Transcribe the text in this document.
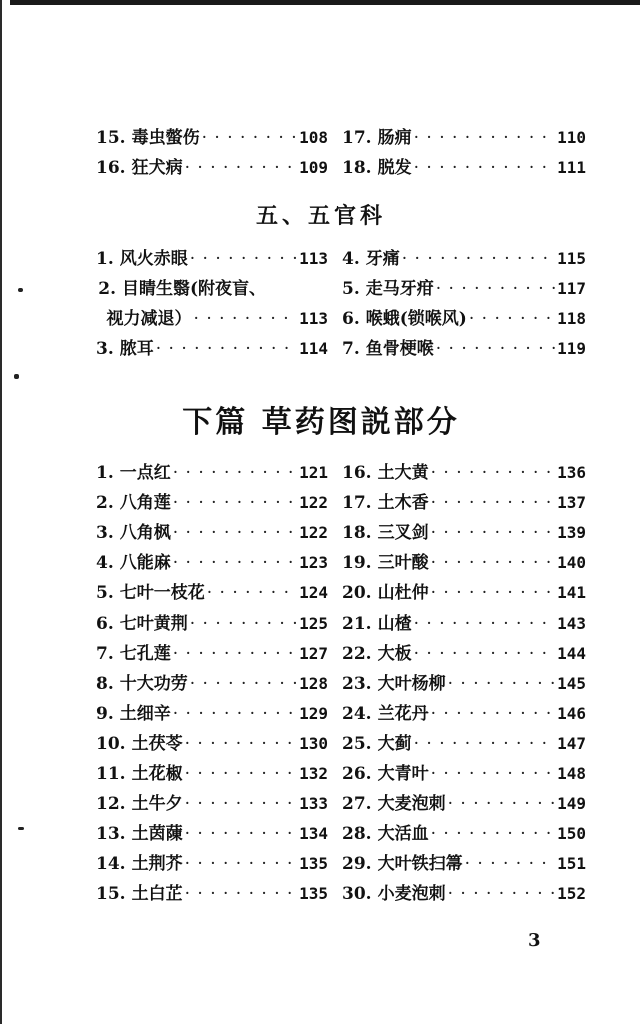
15. 毒虫螫伤 · · ·	108 17. 肠痈 · · ·	110
16. 狂犬病 · · ·	109 18. 脱发 · · ·	111
1. 风火赤眼 · · ·	113 4. 牙痛 · · ·	115
2. 目睛生翳(附夜盲、	5. 走马牙疳 · · ·	117
视力减退） · · ·	113 6. 喉蛾(锁喉风) · · ·	118
3. 脓耳 · · ·	114 7. 鱼骨梗喉 · · ·	119
1. 一点红 · · ·	121 16. 土大黄 · · ·	136
2. 八角莲 · · ·	122 17. 土木香 · · ·	137
3. 八角枫 · · ·	122 18. 三叉剑 · · ·	139
4. 八能麻 · · ·	123 19. 三叶酸 · · ·	140
5. 七叶一枝花 · · ·	124 20. 山杜仲 · · ·	141
6. 七叶黄荆 · · ·	125 21. 山楂 · · ·	143
7. 七孔莲 · · ·	127 22. 大板 · · ·	144
8. 十大功劳 · · ·	128 23. 大叶杨柳 · · ·	145
9. 土细辛 · · ·	129 24. 兰花丹 · · ·	146
10. 土茯苓 · · ·	130 25. 大蓟 · · ·	147
11. 土花椒 · · ·	132 26. 大青叶 · · ·	148
12. 土牛夕 · · ·	133 27. 大麦泡刺 · · ·	149
13. 土茵蔯 · · ·	134 28. 大活血 · · ·	150
14. 土荆芥 · · ·	135 29. 大叶铁扫箒 · · ·	151
15. 土白芷 · · ·	135 30. 小麦泡刺 · · ·	152
五、五官科
下篇 草药图説部分
3
